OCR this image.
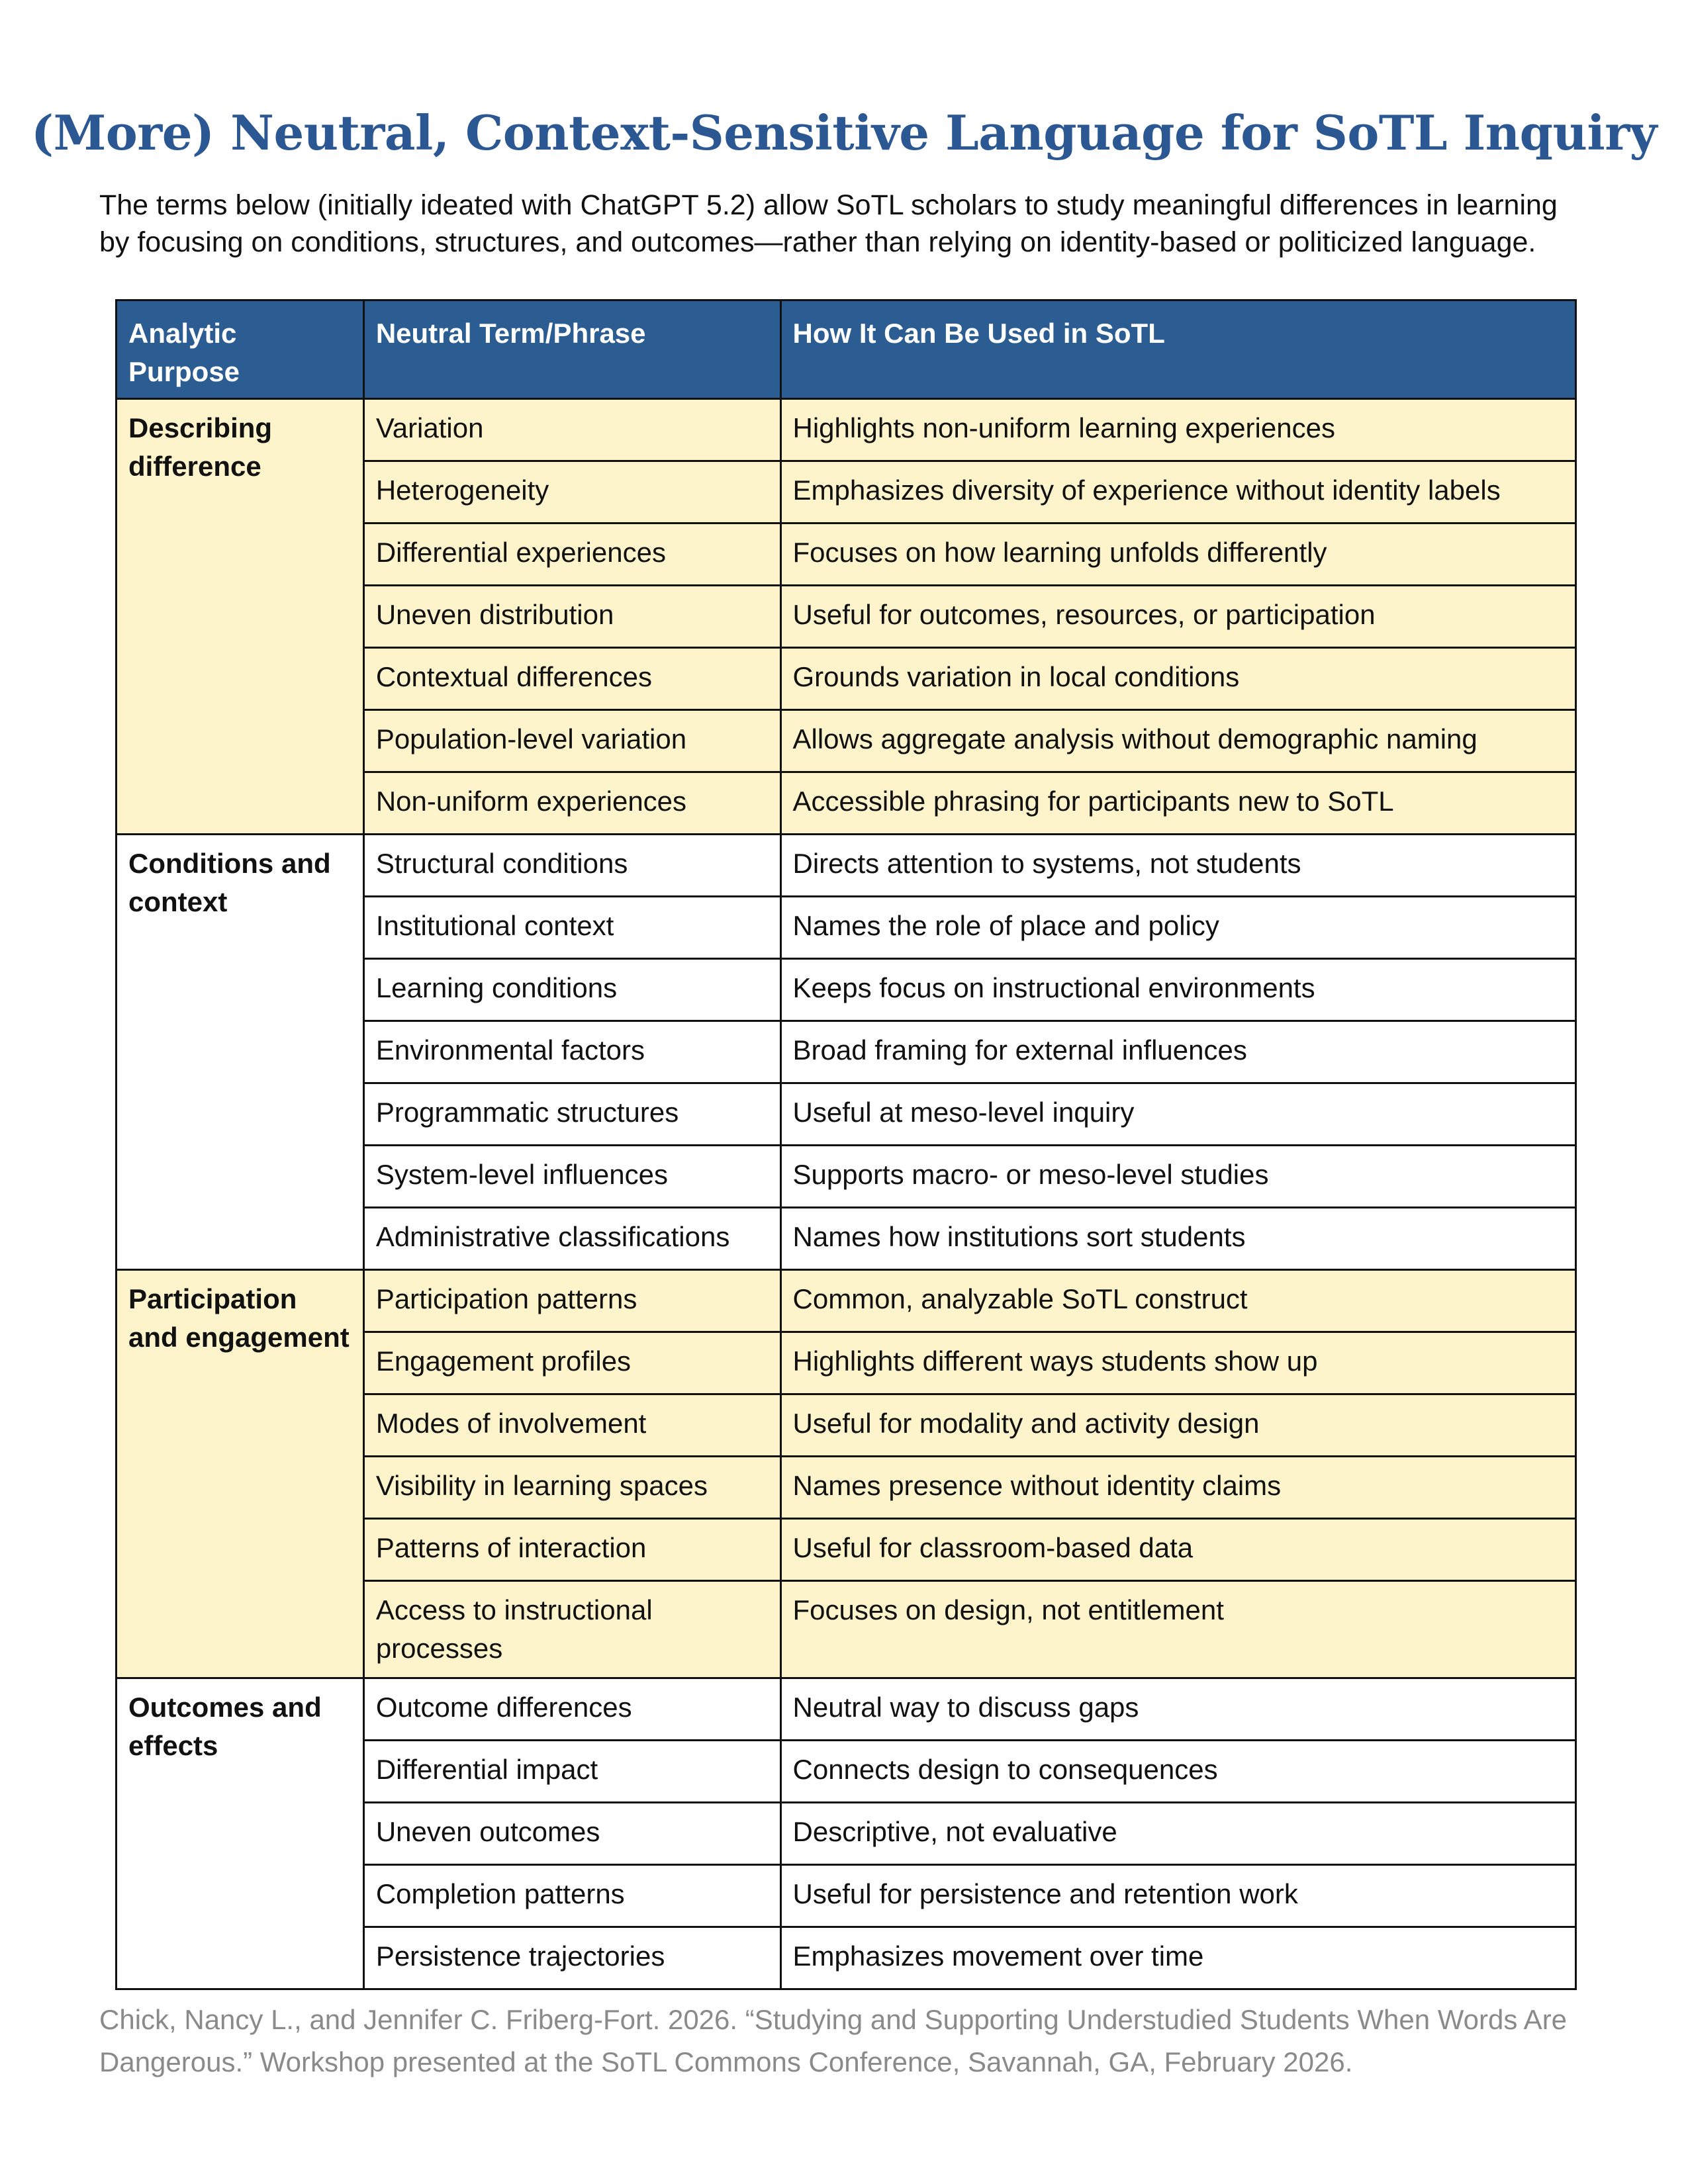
(More) Neutral, Context-Sensitive Language for SoTL Inquiry
The terms below (initially ideated with ChatGPT 5.2) allow SoTL scholars to study meaningful differences in learning by focusing on conditions, structures, and outcomes—rather than relying on identity-based or politicized language.
Analytic Purpose	Neutral Term/Phrase	How It Can Be Used in SoTL
Describing difference	Variation	Highlights non-uniform learning experiences
	Heterogeneity	Emphasizes diversity of experience without identity labels
	Differential experiences	Focuses on how learning unfolds differently
	Uneven distribution	Useful for outcomes, resources, or participation
	Contextual differences	Grounds variation in local conditions
	Population-level variation	Allows aggregate analysis without demographic naming
	Non-uniform experiences	Accessible phrasing for participants new to SoTL
Conditions and context	Structural conditions	Directs attention to systems, not students
	Institutional context	Names the role of place and policy
	Learning conditions	Keeps focus on instructional environments
	Environmental factors	Broad framing for external influences
	Programmatic structures	Useful at meso-level inquiry
	System-level influences	Supports macro- or meso-level studies
	Administrative classifications	Names how institutions sort students
Participation and engagement	Participation patterns	Common, analyzable SoTL construct
	Engagement profiles	Highlights different ways students show up
	Modes of involvement	Useful for modality and activity design
	Visibility in learning spaces	Names presence without identity claims
	Patterns of interaction	Useful for classroom-based data
	Access to instructional processes	Focuses on design, not entitlement
Outcomes and effects	Outcome differences	Neutral way to discuss gaps
	Differential impact	Connects design to consequences
	Uneven outcomes	Descriptive, not evaluative
	Completion patterns	Useful for persistence and retention work
	Persistence trajectories	Emphasizes movement over time
Chick, Nancy L., and Jennifer C. Friberg-Fort. 2026. “Studying and Supporting Understudied Students When Words Are Dangerous.” Workshop presented at the SoTL Commons Conference, Savannah, GA, February 2026.
